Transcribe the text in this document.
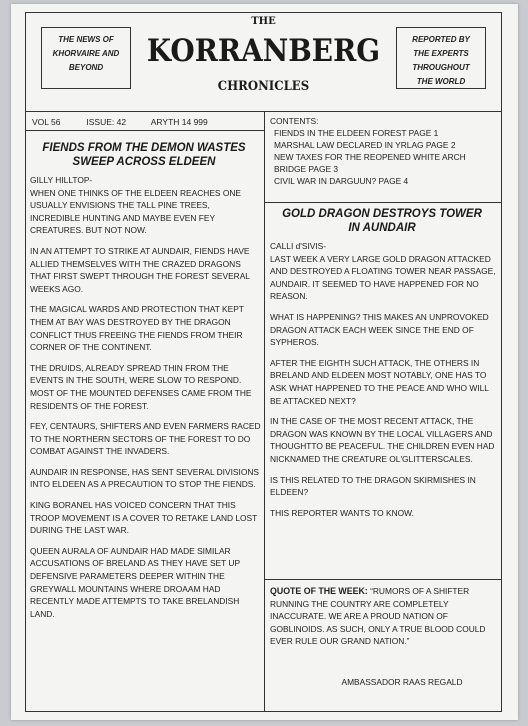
THE NEWS OF
KHORVAIRE AND
BEYOND
THE
KORRANBERG
CHRONICLES
REPORTED BY
THE EXPERTS
THROUGHOUT
THE WORLD
VOL 56	ISSUE: 42	ARYTH 14 999
FIENDS FROM THE DEMON WASTES
SWEEP ACROSS ELDEEN
GILLY HILLTOP-

WHEN ONE THINKS OF THE ELDEEN REACHES ONE USUALLY ENVISIONS THE TALL PINE TREES, INCREDIBLE HUNTING AND MAYBE EVEN FEY CREATURES. BUT NOT NOW.

IN AN ATTEMPT TO STRIKE AT AUNDAIR, FIENDS HAVE ALLIED THEMSELVES WITH THE CRAZED DRAGONS THAT FIRST SWEPT THROUGH THE FOREST SEVERAL WEEKS AGO.

THE MAGICAL WARDS AND PROTECTION THAT KEPT THEM AT BAY WAS DESTROYED BY THE DRAGON CONFLICT THUS FREEING THE FIENDS FROM THEIR CORNER OF THE CONTINENT.

THE DRUIDS, ALREADY SPREAD THIN FROM THE EVENTS IN THE SOUTH, WERE SLOW TO RESPOND. MOST OF THE MOUNTED DEFENSES CAME FROM THE RESIDENTS OF THE FOREST.

FEY, CENTAURS, SHIFTERS AND EVEN FARMERS RACED TO THE NORTHERN SECTORS OF THE FOREST TO DO COMBAT AGAINST THE INVADERS.

AUNDAIR IN RESPONSE, HAS SENT SEVERAL DIVISIONS INTO ELDEEN AS A PRECAUTION TO STOP THE FIENDS.

KING BORANEL HAS VOICED CONCERN THAT THIS TROOP MOVEMENT IS A COVER TO RETAKE LAND LOST DURING THE LAST WAR.

QUEEN AURALA OF AUNDAIR HAD MADE SIMILAR ACCUSATIONS OF BRELAND AS THEY HAVE SET UP DEFENSIVE PARAMETERS DEEPER WITHIN THE GREYWALL MOUNTAINS WHERE DROAAM HAD RECENTLY MADE ATTEMPTS TO TAKE BRELANDISH LAND.

CONTENTS:
FIENDS IN THE ELDEEN FOREST PAGE 1
MARSHAL LAW DECLARED IN YRLAG PAGE 2
NEW TAXES FOR THE REOPENED WHITE ARCH
BRIDGE PAGE 3
CIVIL WAR IN DARGUUN? PAGE 4
GOLD DRAGON DESTROYS TOWER
IN AUNDAIR
CALLI d'SIVIS-

LAST WEEK A VERY LARGE GOLD DRAGON ATTACKED AND DESTROYED A FLOATING TOWER NEAR PASSAGE, AUNDAIR. IT SEEMED TO HAVE HAPPENED FOR NO REASON.

WHAT IS HAPPENING? THIS MAKES AN UNPROVOKED DRAGON ATTACK EACH WEEK SINCE THE END OF SYPHEROS.

AFTER THE EIGHTH SUCH ATTACK, THE OTHERS IN BRELAND AND ELDEEN MOST NOTABLY, ONE HAS TO ASK WHAT HAPPENED TO THE PEACE AND WHO WILL BE ATTACKED NEXT?

IN THE CASE OF THE MOST RECENT ATTACK, THE DRAGON WAS KNOWN BY THE LOCAL VILLAGERS AND THOUGHTTO BE PEACEFUL. THE CHILDREN EVEN HAD NICKNAMED THE CREATURE OL'GLITTERSCALES.

IS THIS RELATED TO THE DRAGON SKIRMISHES IN ELDEEN?

THIS REPORTER WANTS TO KNOW.

QUOTE OF THE WEEK: “RUMORS OF A SHIFTER RUNNING THE COUNTRY ARE COMPLETELY INACCURATE. WE ARE A PROUD NATION OF GOBLINOIDS. AS SUCH, ONLY A TRUE BLOOD COULD EVER RULE OUR GRAND NATION.”
AMBASSADOR RAAS REGALD
